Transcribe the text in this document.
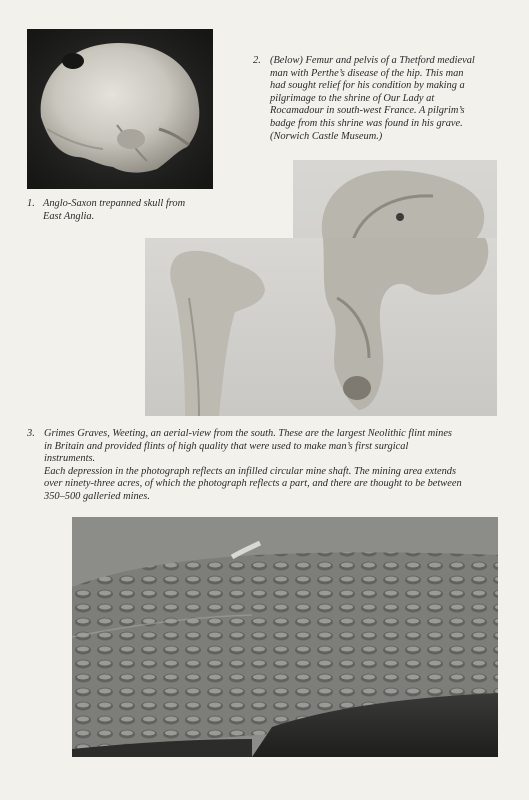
1. Anglo-Saxon trepanned skull from
East Anglia.
2. (Below) Femur and pelvis of a Thetford medieval
man with Perthe’s disease of the hip. This man
had sought relief for his condition by making a
pilgrimage to the shrine of Our Lady at
Rocamadour in south-west France. A pilgrim’s
badge from this shrine was found in his grave.
(Norwich Castle Museum.)
3. Grimes Graves, Weeting, an aerial-view from the south. These are the largest Neolithic flint mines
in Britain and provided flints of high quality that were used to make man’s first surgical
instruments.
Each depression in the photograph reflects an infilled circular mine shaft. The mining area extends
over ninety-three acres, of which the photograph reflects a part, and there are thought to be between
350–500 galleried mines.
